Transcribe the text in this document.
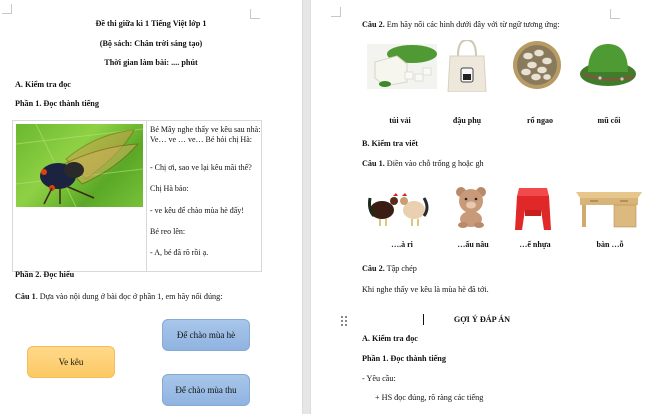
Đề thi giữa kì 1 Tiếng Việt lớp 1
(Bộ sách: Chân trời sáng tạo)
Thời gian làm bài: .... phút
A. Kiểm tra đọc
Phần 1. Đọc thành tiếng
Bé Mây nghe thấy ve kêu sau nhà: Ve… ve … ve… Bé hỏi chị Hà:
- Chị ơi, sao ve lại kêu mãi thế?
Chị Hà bảo:
- ve kêu để chào mùa hè đấy!
Bé reo lên:
- A, bé đã rõ rồi ạ.
Phần 2. Đọc hiểu
Câu 1. Dựa vào nội dung ở bài đọc ở phần 1, em hãy nối đúng:
Để chào mùa hè
Ve kêu
Để chào mùa thu
Câu 2. Em hãy nối các hình dưới đây với từ ngữ tương ứng:
túi vải	đậu phụ	rổ ngao	mũ cối
B. Kiểm tra viết
Câu 1. Điền vào chỗ trống g hoặc gh
….à ri	…ấu nâu	…ế nhựa	bàn …ỗ
Câu 2. Tập chép
Khi nghe thấy ve kêu là mùa hè đã tới.
GỢI Ý ĐÁP ÁN
A. Kiểm tra đọc
Phần 1. Đọc thành tiếng
- Yêu cầu:
+ HS đọc đúng, rõ ràng các tiếng
